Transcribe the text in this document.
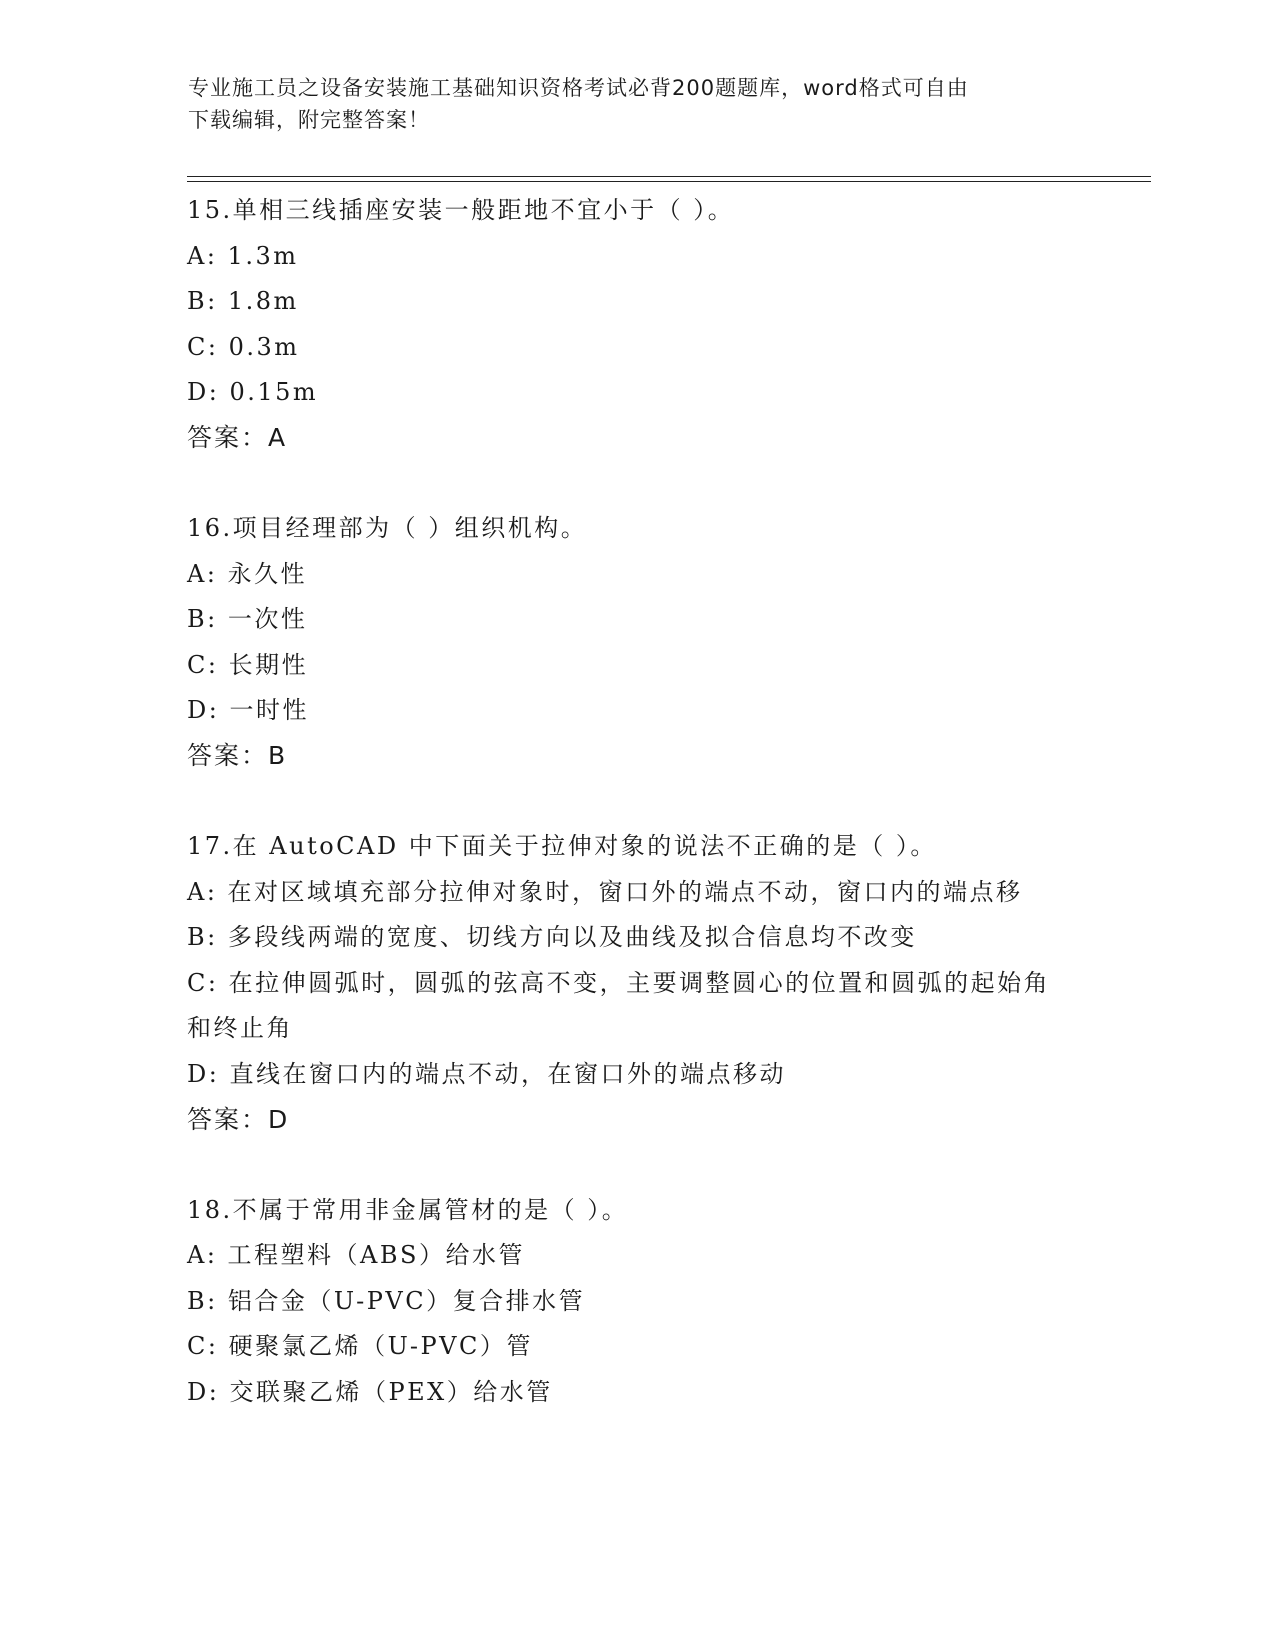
专业施工员之设备安装施工基础知识资格考试必背200题题库，word格式可自由
下载编辑，附完整答案！
15.单相三线插座安装一般距地不宜小于（ ）。
A: 1.3m
B: 1.8m
C: 0.3m
D: 0.15m
答案：A
16.项目经理部为（ ）组织机构。
A: 永久性
B: 一次性
C: 长期性
D: 一时性
答案：B
17.在 AutoCAD 中下面关于拉伸对象的说法不正确的是（ ）。
A: 在对区域填充部分拉伸对象时，窗口外的端点不动，窗口内的端点移
B: 多段线两端的宽度、切线方向以及曲线及拟合信息均不改变
C: 在拉伸圆弧时，圆弧的弦高不变，主要调整圆心的位置和圆弧的起始角和终止角
D: 直线在窗口内的端点不动，在窗口外的端点移动
答案：D
18.不属于常用非金属管材的是（ ）。
A: 工程塑料（ABS）给水管
B: 铝合金（U-PVC）复合排水管
C: 硬聚氯乙烯（U-PVC）管
D: 交联聚乙烯（PEX）给水管
